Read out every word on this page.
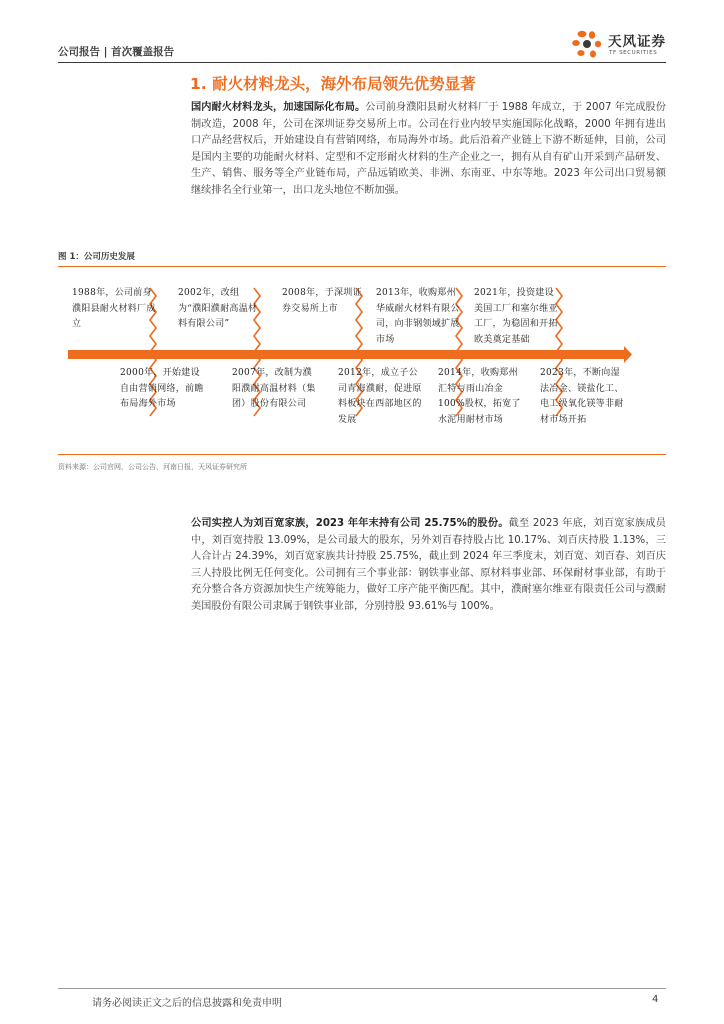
公司报告 | 首次覆盖报告
天风证券
TF SECURITIES
1. 耐火材料龙头，海外布局领先优势显著

国内耐火材料龙头，加速国际化布局。公司前身濮阳县耐火材料厂于 1988 年成立，于 2007 年完成股份制改造，2008 年，公司在深圳证券交易所上市。公司在行业内较早实施国际化战略，2000 年拥有进出口产品经营权后，开始建设自有营销网络，布局海外市场。此后沿着产业链上下游不断延伸，目前，公司是国内主要的功能耐火材料、定型和不定形耐火材料的生产企业之一，拥有从自有矿山开采到产品研发、生产、销售、服务等全产业链布局，产品远销欧美、非洲、东南亚、中东等地。2023 年公司出口贸易额继续排名全行业第一，出口龙头地位不断加强。

图 1：公司历史发展
1988年，公司前身濮阳县耐火材料厂成立
2002年，改组为“濮阳濮耐高温材料有限公司”
2008年，于深圳证券交易所上市
2013年，收购郑州华威耐火材料有限公司，向非钢领域扩展市场
2021年，投资建设美国工厂和塞尔维亚工厂，为稳固和开拓欧美奠定基础
2000年，开始建设自由营销网络，前瞻布局海外市场
2007年，改制为濮阳濮耐高温材料（集团）股份有限公司
2012年，成立子公司青海濮耐，促进原料板块在西部地区的发展
2014年，收购郑州汇特与雨山冶金100%股权，拓宽了水泥用耐材市场
2023年，不断向湿法冶金、镁盐化工、电工级氧化镁等非耐材市场开拓
资料来源：公司官网，公司公告，河南日报，天风证券研究所

公司实控人为刘百宽家族，2023 年年末持有公司 25.75%的股份。截至 2023 年底，刘百宽家族成员中，刘百宽持股 13.09%，是公司最大的股东，另外刘百春持股占比 10.17%、刘百庆持股 1.13%，三人合计占 24.39%，刘百宽家族共计持股 25.75%，截止到 2024 年三季度末，刘百宽、刘百春、刘百庆三人持股比例无任何变化。公司拥有三个事业部：钢铁事业部、原材料事业部、环保耐材事业部，有助于充分整合各方资源加快生产统筹能力，做好工序产能平衡匹配。其中，濮耐塞尔维亚有限责任公司与濮耐美国股份有限公司隶属于钢铁事业部，分别持股 93.61%与 100%。

请务必阅读正文之后的信息披露和免责申明	4
